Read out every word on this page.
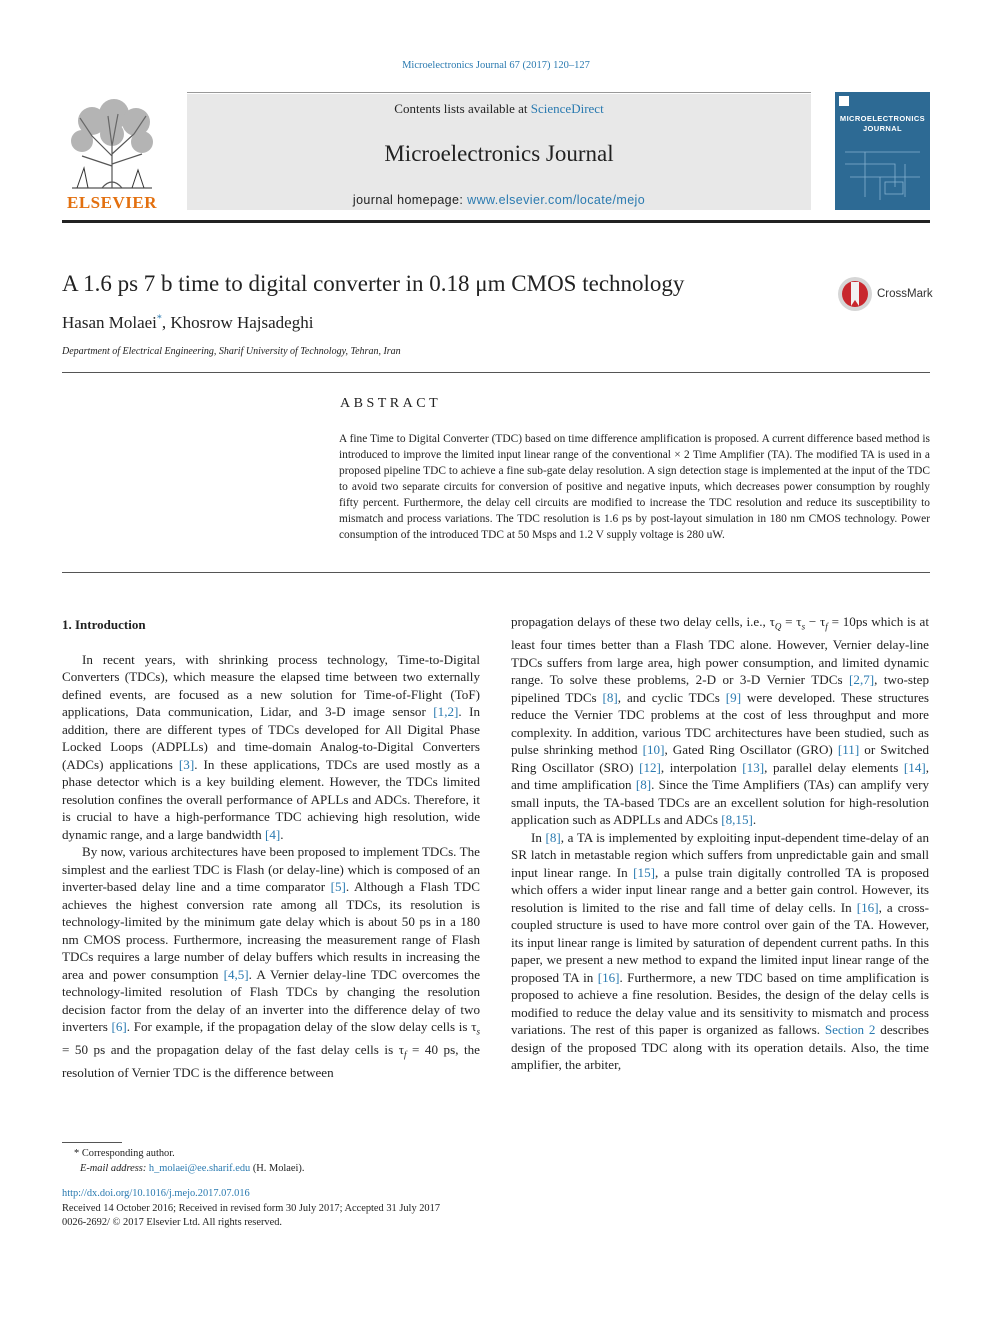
Microelectronics Journal 67 (2017) 120–127
ELSEVIER
Contents lists available at ScienceDirect
Microelectronics Journal
journal homepage: www.elsevier.com/locate/mejo
MICROELECTRONICS
JOURNAL
A 1.6 ps 7 b time to digital converter in 0.18 μm CMOS technology	CrossMark
Hasan Molaei*, Khosrow Hajsadeghi
Department of Electrical Engineering, Sharif University of Technology, Tehran, Iran
ABSTRACT
A fine Time to Digital Converter (TDC) based on time difference amplification is proposed. A current difference based method is introduced to improve the limited input linear range of the conventional × 2 Time Amplifier (TA). The modified TA is used in a proposed pipeline TDC to achieve a fine sub-gate delay resolution. A sign detection stage is implemented at the input of the TDC to avoid two separate circuits for conversion of positive and negative inputs, which decreases power consumption by roughly fifty percent. Furthermore, the delay cell circuits are modified to increase the TDC resolution and reduce its susceptibility to mismatch and process variations. The TDC resolution is 1.6 ps by post-layout simulation in 180 nm CMOS technology. Power consumption of the introduced TDC at 50 Msps and 1.2 V supply voltage is 280 uW.

1. Introduction

In recent years, with shrinking process technology, Time-to-Digital Converters (TDCs), which measure the elapsed time between two externally defined events, are focused as a new solution for Time-of-Flight (ToF) applications, Data communication, Lidar, and 3-D image sensor [1,2]. In addition, there are different types of TDCs developed for All Digital Phase Locked Loops (ADPLLs) and time-domain Analog-to-Digital Converters (ADCs) applications [3]. In these applications, TDCs are used mostly as a phase detector which is a key building element. However, the TDCs limited resolution confines the overall performance of APLLs and ADCs. Therefore, it is crucial to have a high-performance TDC achieving high resolution, wide dynamic range, and a large bandwidth [4].

By now, various architectures have been proposed to implement TDCs. The simplest and the earliest TDC is Flash (or delay-line) which is composed of an inverter-based delay line and a time comparator [5]. Although a Flash TDC achieves the highest conversion rate among all TDCs, its resolution is technology-limited by the minimum gate delay which is about 50 ps in a 180 nm CMOS process. Furthermore, increasing the measurement range of Flash TDCs requires a large number of delay buffers which results in increasing the area and power consumption [4,5]. A Vernier delay-line TDC overcomes the technology-limited resolution of Flash TDCs by changing the resolution decision factor from the delay of an inverter into the difference delay of two inverters [6]. For example, if the propagation delay of the slow delay cells is $\tau_s = 50$ ps and the propagation delay of the fast delay cells is $\tau_f = 40$ ps, the resolution of Vernier TDC is the difference between

propagation delays of these two delay cells, i.e., $\tau_Q = \tau_s - \tau_f = 10ps$ which is at least four times better than a Flash TDC alone. However, Vernier delay-line TDCs suffers from large area, high power consumption, and limited dynamic range. To solve these problems, 2-D or 3-D Vernier TDCs [2,7], two-step pipelined TDCs [8], and cyclic TDCs [9] were developed. These structures reduce the Vernier TDC problems at the cost of less throughput and more complexity. In addition, various TDC architectures have been studied, such as pulse shrinking method [10], Gated Ring Oscillator (GRO) [11] or Switched Ring Oscillator (SRO) [12], interpolation [13], parallel delay elements [14], and time amplification [8]. Since the Time Amplifiers (TAs) can amplify very small inputs, the TA-based TDCs are an excellent solution for high-resolution application such as ADPLLs and ADCs [8,15].

In [8], a TA is implemented by exploiting input-dependent time-delay of an SR latch in metastable region which suffers from unpredictable gain and small input linear range. In [15], a pulse train digitally controlled TA is proposed which offers a wider input linear range and a better gain control. However, its resolution is limited to the rise and fall time of delay cells. In [16], a cross-coupled structure is used to have more control over gain of the TA. However, its input linear range is limited by saturation of dependent current paths. In this paper, we present a new method to expand the limited input linear range of the proposed TA in [16]. Furthermore, a new TDC based on time amplification is proposed to achieve a fine resolution. Besides, the design of the delay cells is modified to reduce the delay value and its sensitivity to mismatch and process variations. The rest of this paper is organized as fallows. Section 2 describes design of the proposed TDC along with its operation details. Also, the time amplifier, the arbiter,

* Corresponding author.
E-mail address: h_molaei@ee.sharif.edu (H. Molaei).
http://dx.doi.org/10.1016/j.mejo.2017.07.016
Received 14 October 2016; Received in revised form 30 July 2017; Accepted 31 July 2017
0026-2692/ © 2017 Elsevier Ltd. All rights reserved.
